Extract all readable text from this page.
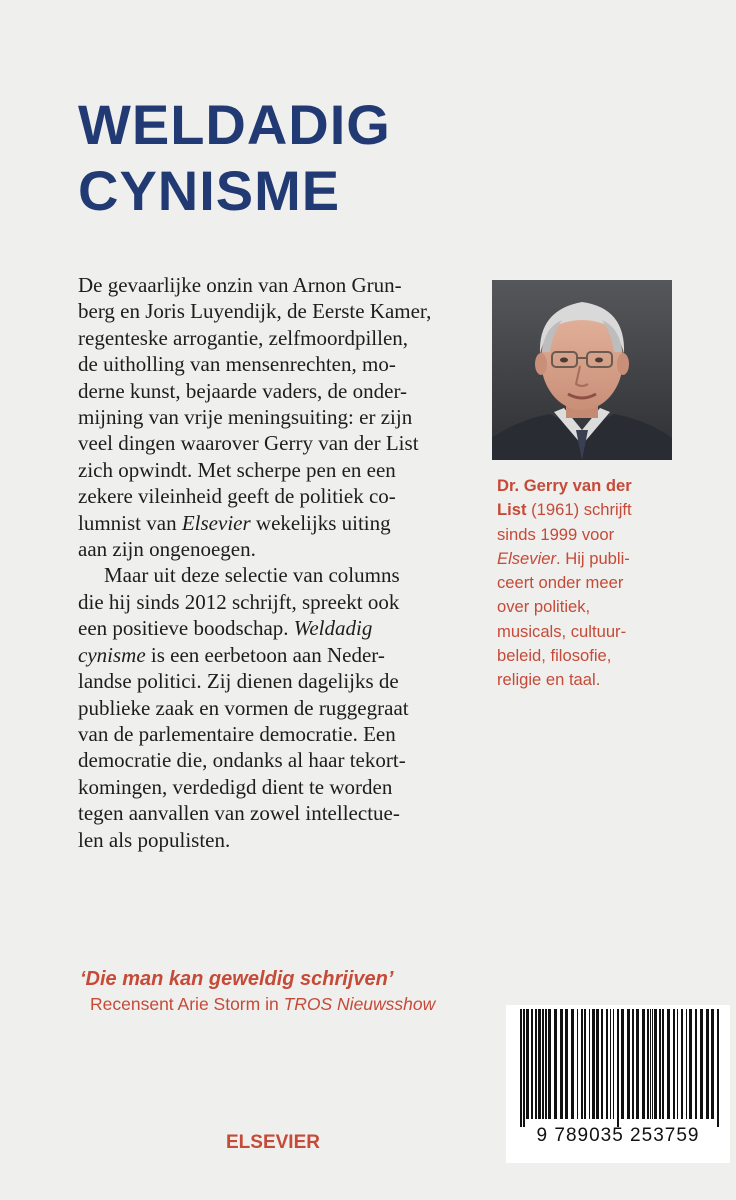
WELDADIG
CYNISME

De gevaarlijke onzin van Arnon Grun-
berg en Joris Luyendijk, de Eerste Kamer,
regenteske arrogantie, zelfmoordpillen,
de uitholling van mensenrechten, mo-
derne kunst, bejaarde vaders, de onder-
mijning van vrije meningsuiting: er zijn
veel dingen waarover Gerry van der List
zich opwindt. Met scherpe pen en een
zekere vileinheid geeft de politiek co-
lumnist van Elsevier wekelijks uiting
aan zijn ongenoegen.

Maar uit deze selectie van columns
die hij sinds 2012 schrijft, spreekt ook
een positieve boodschap. Weldadig
cynisme is een eerbetoon aan Neder-
landse politici. Zij dienen dagelijks de
publieke zaak en vormen de ruggegraat
van de parlementaire democratie. Een
democratie die, ondanks al haar tekort-
komingen, verdedigd dient te worden
tegen aanvallen van zowel intellectue-
len als populisten.

Dr. Gerry van der
List (1961) schrijft
sinds 1999 voor
Elsevier. Hij publi-
ceert onder meer
over politiek,
musicals, cultuur-
beleid, filosofie,
religie en taal.
‘Die man kan geweldig schrijven’
Recensent Arie Storm in TROS Nieuwsshow
ELSEVIER	9 789035 253759
